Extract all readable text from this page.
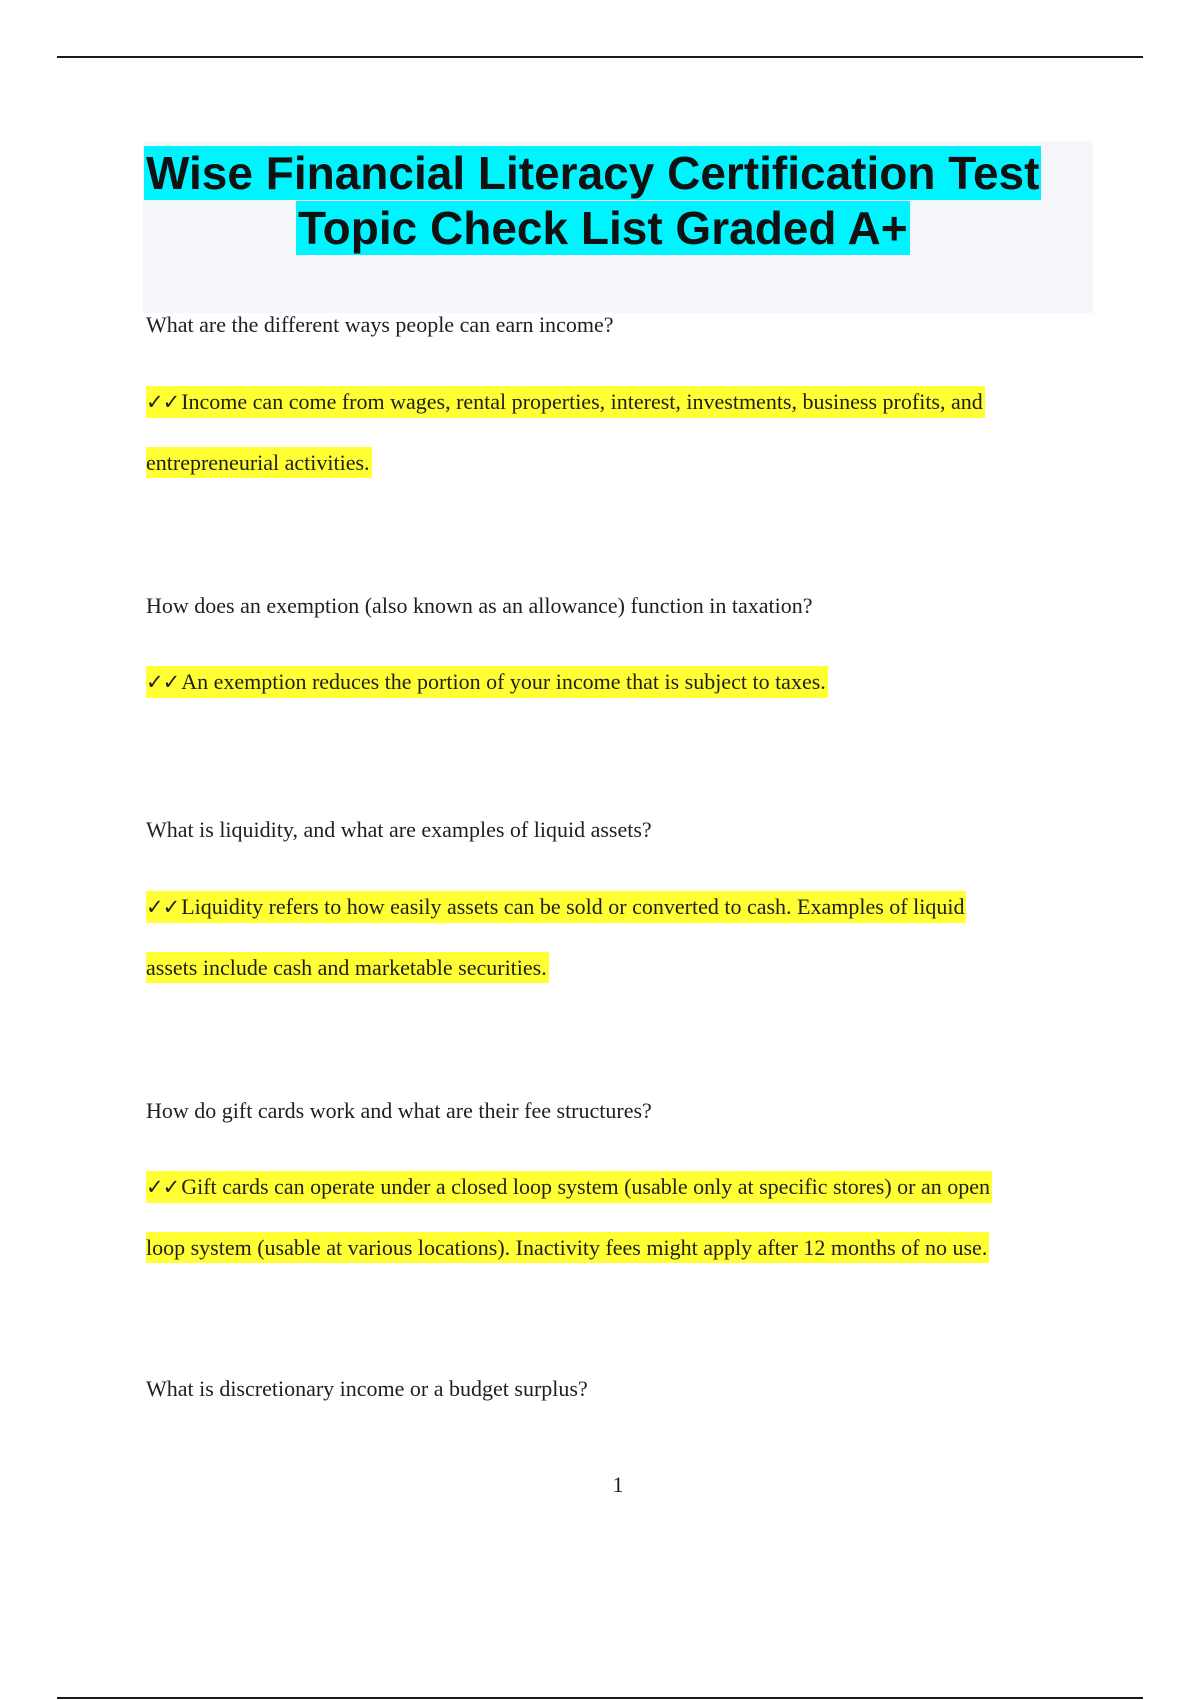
Wise Financial Literacy Certification Test
Topic Check List Graded A+
What are the different ways people can earn income?
✓✓Income can come from wages, rental properties, interest, investments, business profits, and
entrepreneurial activities.
How does an exemption (also known as an allowance) function in taxation?
✓✓An exemption reduces the portion of your income that is subject to taxes.
What is liquidity, and what are examples of liquid assets?
✓✓Liquidity refers to how easily assets can be sold or converted to cash. Examples of liquid
assets include cash and marketable securities.
How do gift cards work and what are their fee structures?
✓✓Gift cards can operate under a closed loop system (usable only at specific stores) or an open
loop system (usable at various locations). Inactivity fees might apply after 12 months of no use.
What is discretionary income or a budget surplus?
1
